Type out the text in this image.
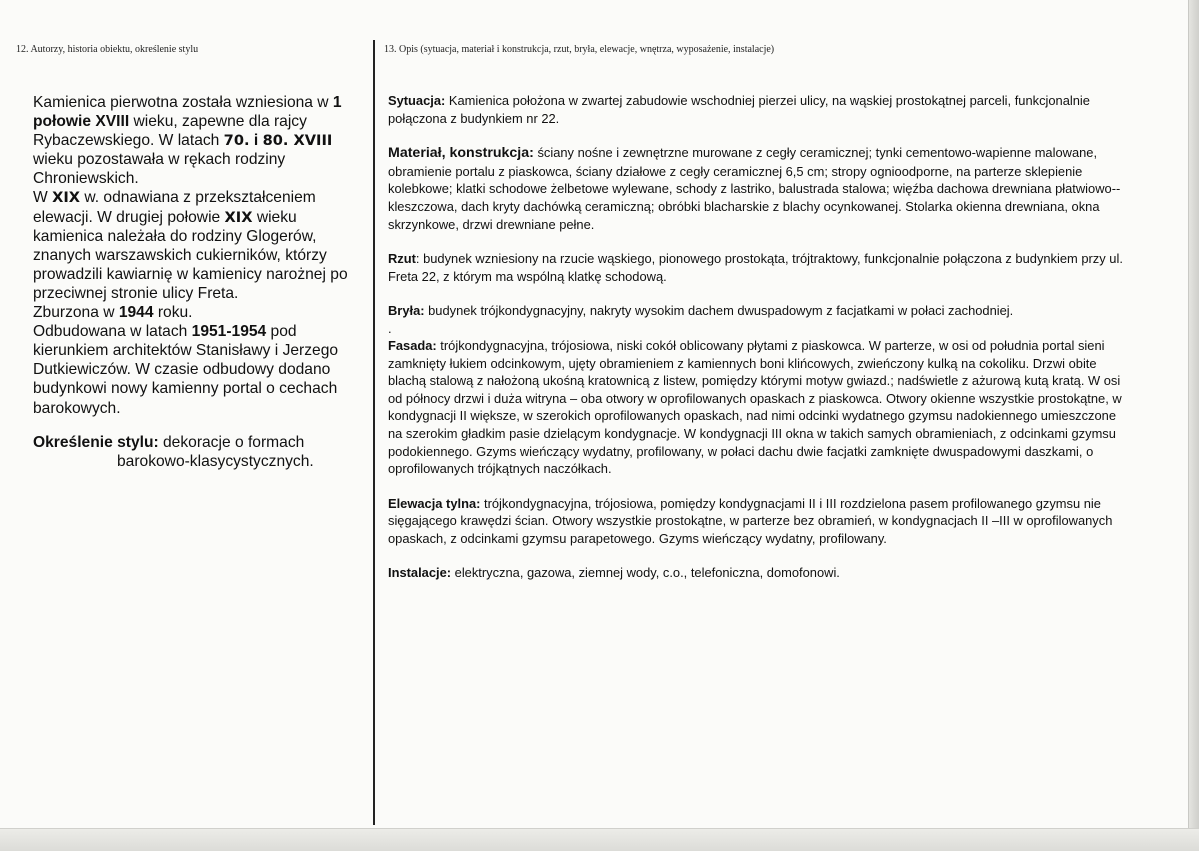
12. Autorzy, historia obiektu, określenie stylu	13. Opis (sytuacja, materiał i konstrukcja, rzut, bryła, elewacje, wnętrza, wyposażenie, instalacje)

Kamienica pierwotna została wzniesiona w 1 połowie XVIII wieku, zapewne dla rajcy Rybaczewskiego. W latach 70. i 80. XVIII wieku pozostawała w rękach rodziny Chroniewskich.

W XIX w. odnawiana z przekształceniem elewacji. W drugiej połowie XIX wieku kamienica należała do rodziny Glogerów, znanych warszawskich cukierników, którzy prowadzili kawiarnię w kamienicy narożnej po przeciwnej stronie ulicy Freta.

Zburzona w 1944 roku.

Odbudowana w latach 1951-1954 pod kierunkiem architektów Stanisławy i Jerzego Dutkiewiczów. W czasie odbudowy dodano budynkowi nowy kamienny portal o cechach barokowych.

Określenie stylu: dekoracje o formach
barokowo-klasycystycznych.

Sytuacja: Kamienica położona w zwartej zabudowie wschodniej pierzei ulicy, na wąskiej prostokątnej parceli, funkcjonalnie połączona z budynkiem nr 22.

Materiał, konstrukcja: ściany nośne i zewnętrzne murowane z cegły ceramicznej; tynki cementowo-wapienne malowane, obramienie portalu z piaskowca, ściany działowe z cegły ceramicznej 6,5 cm; stropy ognioodporne, na parterze sklepienie kolebkowe; klatki schodowe żelbetowe wylewane, schody z lastriko, balustrada stalowa; więźba dachowa drewniana płatwiowo-‐kleszczowa, dach kryty dachówką ceramiczną; obróbki blacharskie z blachy ocynkowanej. Stolarka okienna drewniana, okna skrzynkowe, drzwi drewniane pełne.

Rzut: budynek wzniesiony na rzucie wąskiego, pionowego prostokąta, trójtraktowy, funkcjonalnie połączona z budynkiem przy ul. Freta 22, z którym ma wspólną klatkę schodową.

Bryła: budynek trójkondygnacyjny, nakryty wysokim dachem dwuspadowym z facjatkami w połaci zachodniej.

.

Fasada: trójkondygnacyjna, trójosiowa, niski cokół oblicowany płytami z piaskowca. W parterze, w osi od południa portal sieni zamknięty łukiem odcinkowym, ujęty obramieniem z kamiennych boni klińcowych, zwieńczony kulką na cokoliku. Drzwi obite blachą stalową z nałożoną ukośną kratownicą z listew, pomiędzy którymi motyw gwiazd.; nadświetle z ażurową kutą kratą. W osi od północy drzwi i duża witryna – oba otwory w oprofilowanych opaskach z piaskowca. Otwory okienne wszystkie prostokątne, w kondygnacji II większe, w szerokich oprofilowanych opaskach, nad nimi odcinki wydatnego gzymsu nadokiennego umieszczone na szerokim gładkim pasie dzielącym kondygnacje. W kondygnacji III okna w takich samych obramieniach, z odcinkami gzymsu podokiennego. Gzyms wieńczący wydatny, profilowany, w połaci dachu dwie facjatki zamknięte dwuspadowymi daszkami, o oprofilowanych trójkątnych naczółkach.

Elewacja tylna: trójkondygnacyjna, trójosiowa, pomiędzy kondygnacjami II i III rozdzielona pasem profilowanego gzymsu nie sięgającego krawędzi ścian. Otwory wszystkie prostokątne, w parterze bez obramień, w kondygnacjach II –III w oprofilowanych opaskach, z odcinkami gzymsu parapetowego. Gzyms wieńczący wydatny, profilowany.

Instalacje: elektryczna, gazowa, ziemnej wody, c.o., telefoniczna, domofonowi.
